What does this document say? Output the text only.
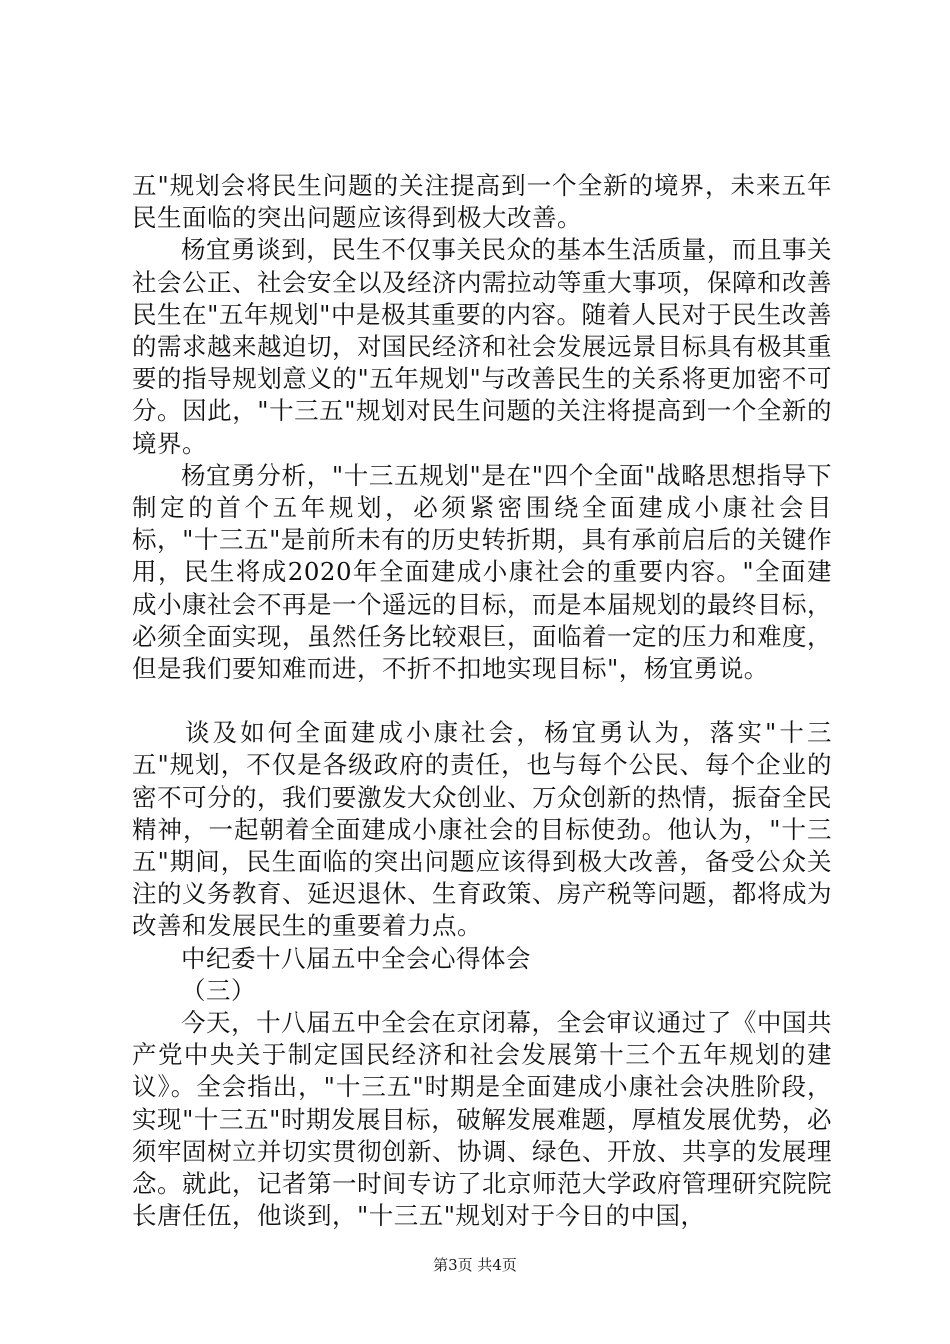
五"规划会将民生问题的关注提高到一个全新的境界，未来五年民生面临的突出问题应该得到极大改善。

杨宜勇谈到，民生不仅事关民众的基本生活质量，而且事关社会公正、社会安全以及经济内需拉动等重大事项，保障和改善民生在"五年规划"中是极其重要的内容。随着人民对于民生改善的需求越来越迫切，对国民经济和社会发展远景目标具有极其重要的指导规划意义的"五年规划"与改善民生的关系将更加密不可分。因此，"十三五"规划对民生问题的关注将提高到一个全新的境界。

杨宜勇分析，"十三五规划"是在"四个全面"战略思想指导下制定的首个五年规划，必须紧密围绕全面建成小康社会目标，"十三五"是前所未有的历史转折期，具有承前启后的关键作用，民生将成2020年全面建成小康社会的重要内容。"全面建成小康社会不再是一个遥远的目标，而是本届规划的最终目标，必须全面实现，虽然任务比较艰巨，面临着一定的压力和难度，但是我们要知难而进，不折不扣地实现目标"，杨宜勇说。

谈及如何全面建成小康社会，杨宜勇认为，落实"十三五"规划，不仅是各级政府的责任，也与每个公民、每个企业的密不可分的，我们要激发大众创业、万众创新的热情，振奋全民精神，一起朝着全面建成小康社会的目标使劲。他认为，"十三五"期间，民生面临的突出问题应该得到极大改善，备受公众关注的义务教育、延迟退休、生育政策、房产税等问题，都将成为改善和发展民生的重要着力点。

中纪委十八届五中全会心得体会

（三）

今天，十八届五中全会在京闭幕，全会审议通过了《中国共产党中央关于制定国民经济和社会发展第十三个五年规划的建议》。全会指出，"十三五"时期是全面建成小康社会决胜阶段，实现"十三五"时期发展目标，破解发展难题，厚植发展优势，必须牢固树立并切实贯彻创新、协调、绿色、开放、共享的发展理念。就此，记者第一时间专访了北京师范大学政府管理研究院院长唐任伍，他谈到，"十三五"规划对于今日的中国，

第3页 共4页
